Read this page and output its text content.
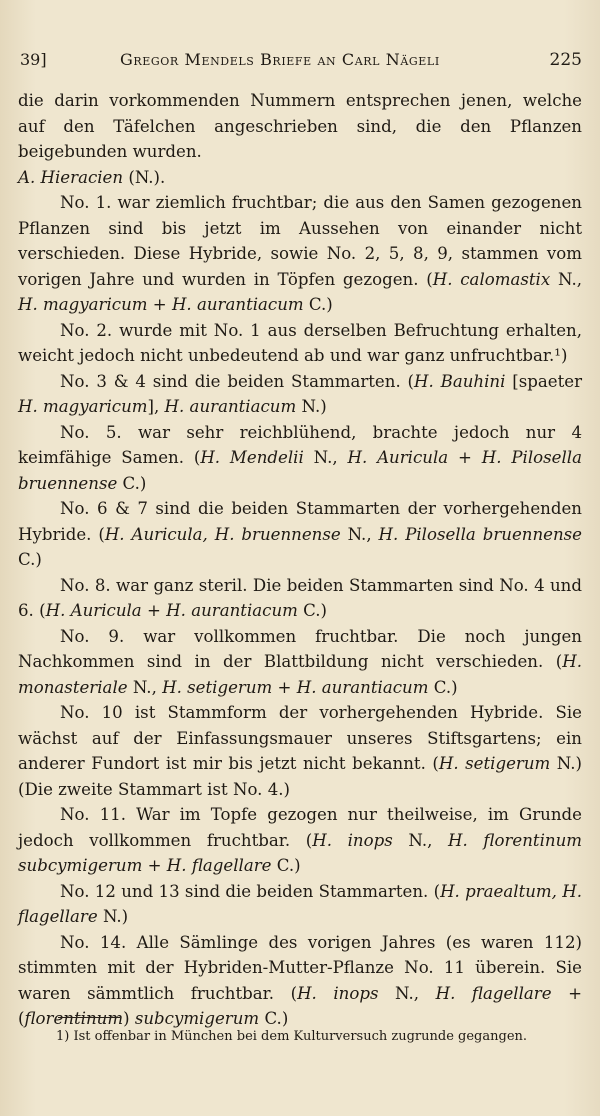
39]	Gregor Mendels Briefe an Carl Nägeli	225

die darin vorkommenden Nummern entsprechen jenen, welche auf den Täfelchen angeschrieben sind, die den Pflanzen beigebunden wurden.

A. Hieracien (N.).

No. 1. war ziemlich fruchtbar; die aus den Samen gezogenen Pflanzen sind bis jetzt im Aussehen von einander nicht verschieden. Diese Hybride, sowie No. 2, 5, 8, 9, stammen vom vorigen Jahre und wurden in Töpfen gezogen. (H. calomastix N., H. magyaricum + H. aurantiacum C.)

No. 2. wurde mit No. 1 aus derselben Befruchtung erhalten, weicht jedoch nicht unbedeutend ab und war ganz unfruchtbar.¹)

No. 3 & 4 sind die beiden Stammarten. (H. Bauhini [spaeter H. magyaricum], H. aurantiacum N.)

No. 5. war sehr reichblühend, brachte jedoch nur 4 keimfähige Samen. (H. Mendelii N., H. Auricula + H. Pilosella bruennense C.)

No. 6 & 7 sind die beiden Stammarten der vorhergehenden Hybride. (H. Auricula, H. bruennense N., H. Pilosella bruennense C.)

No. 8. war ganz steril. Die beiden Stammarten sind No. 4 und 6. (H. Auricula + H. aurantiacum C.)

No. 9. war vollkommen fruchtbar. Die noch jungen Nachkommen sind in der Blattbildung nicht verschieden. (H. monasteriale N., H. setigerum + H. aurantiacum C.)

No. 10 ist Stammform der vorhergehenden Hybride. Sie wächst auf der Einfassungsmauer unseres Stiftsgartens; ein anderer Fundort ist mir bis jetzt nicht bekannt. (H. setigerum N.) (Die zweite Stammart ist No. 4.)

No. 11. War im Topfe gezogen nur theilweise, im Grunde jedoch vollkommen fruchtbar. (H. inops N., H. florentinum subcymigerum + H. flagellare C.)

No. 12 und 13 sind die beiden Stammarten. (H. praealtum, H. flagellare N.)

No. 14. Alle Sämlinge des vorigen Jahres (es waren 112) stimmten mit der Hybriden-Mutter-Pflanze No. 11 überein. Sie waren sämmtlich fruchtbar. (H. inops N., H. flagellare + (florentinum) subcymigerum C.)

1) Ist offenbar in München bei dem Kulturversuch zugrunde gegangen.
